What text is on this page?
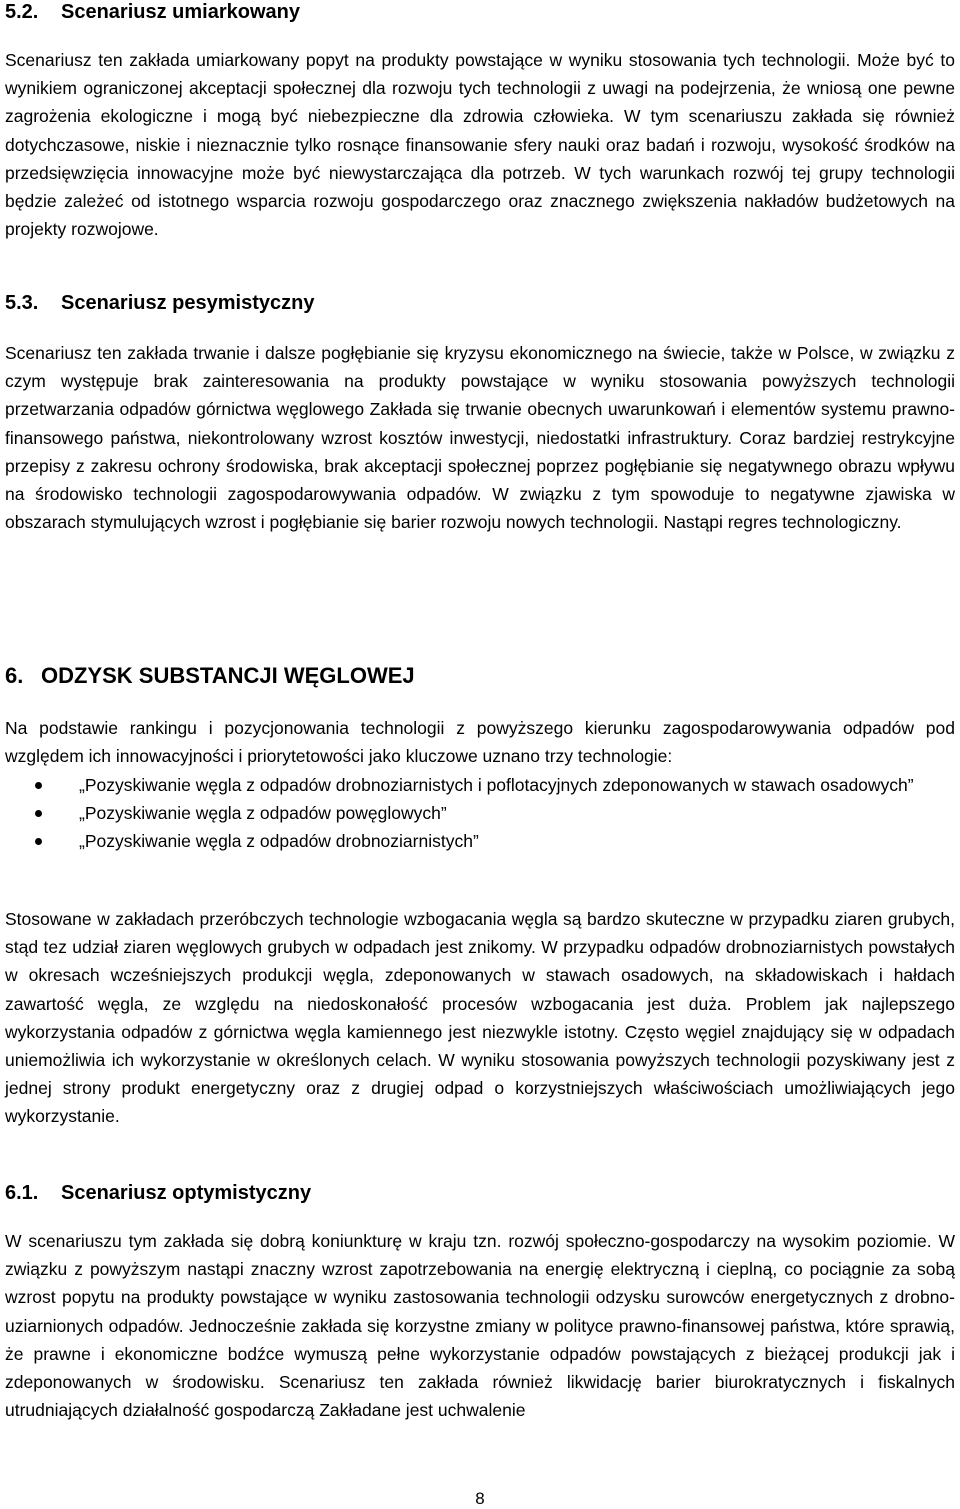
5.2.	Scenariusz umiarkowany

Scenariusz ten zakłada umiarkowany popyt na produkty powstające w wyniku stosowania tych technologii. Może być to wynikiem ograniczonej akceptacji społecznej dla rozwoju tych technologii z uwagi na podejrzenia, że wniosą one pewne zagrożenia ekologiczne i mogą być niebezpieczne dla zdrowia człowieka. W tym scenariuszu zakłada się również dotychczasowe, niskie i nieznacznie tylko rosnące finansowanie sfery nauki oraz badań i rozwoju, wysokość środków na przedsięwzięcia innowacyjne może być niewystarczająca dla potrzeb. W tych warunkach rozwój tej grupy technologii będzie zależeć od istotnego wsparcia rozwoju gospodarczego oraz znacznego zwiększenia nakładów budżetowych na projekty rozwojowe.

5.3.	Scenariusz pesymistyczny

Scenariusz ten zakłada trwanie i dalsze pogłębianie się kryzysu ekonomicznego na świecie, także w Polsce, w związku z czym występuje brak zainteresowania na produkty powstające w wyniku stosowania powyższych technologii przetwarzania odpadów górnictwa węglowego Zakłada się trwanie obecnych uwarunkowań i elementów systemu prawno-finansowego państwa, niekontrolowany wzrost kosztów inwestycji, niedostatki infrastruktury. Coraz bardziej restrykcyjne przepisy z zakresu ochrony środowiska, brak akceptacji społecznej poprzez pogłębianie się negatywnego obrazu wpływu na środowisko technologii zagospodarowywania odpadów. W związku z tym spowoduje to negatywne zjawiska w obszarach stymulujących wzrost i pogłębianie się barier rozwoju nowych technologii. Nastąpi regres technologiczny.

6. ODZYSK SUBSTANCJI WĘGLOWEJ

Na podstawie rankingu i pozycjonowania technologii z powyższego kierunku zagospodarowywania odpadów pod względem ich innowacyjności i priorytetowości jako kluczowe uznano trzy technologie:

„Pozyskiwanie węgla z odpadów drobnoziarnistych i poflotacyjnych zdeponowanych w stawach osadowych”
„Pozyskiwanie węgla z odpadów powęglowych”
„Pozyskiwanie węgla z odpadów drobnoziarnistych”

Stosowane w zakładach przeróbczych technologie wzbogacania węgla są bardzo skuteczne w przypadku ziaren grubych, stąd tez udział ziaren węglowych grubych w odpadach jest znikomy. W przypadku odpadów drobnoziarnistych powstałych w okresach wcześniejszych produkcji węgla, zdeponowanych w stawach osadowych, na składowiskach i hałdach zawartość węgla, ze względu na niedoskonałość procesów wzbogacania jest duża. Problem jak najlepszego wykorzystania odpadów z górnictwa węgla kamiennego jest niezwykle istotny. Często węgiel znajdujący się w odpadach uniemożliwia ich wykorzystanie w określonych celach. W wyniku stosowania powyższych technologii pozyskiwany jest z jednej strony produkt energetyczny oraz z drugiej odpad o korzystniejszych właściwościach umożliwiających jego wykorzystanie.

6.1.	Scenariusz optymistyczny

W scenariuszu tym zakłada się dobrą koniunkturę w kraju tzn. rozwój społeczno-gospodarczy na wysokim poziomie. W związku z powyższym nastąpi znaczny wzrost zapotrzebowania na energię elektryczną i cieplną, co pociągnie za sobą wzrost popytu na produkty powstające w wyniku zastosowania technologii odzysku surowców energetycznych z drobno-uziarnionych odpadów. Jednocześnie zakłada się korzystne zmiany w polityce prawno-finansowej państwa, które sprawią, że prawne i ekonomiczne bodźce wymuszą pełne wykorzystanie odpadów powstających z bieżącej produkcji jak i zdeponowanych w środowisku. Scenariusz ten zakłada również likwidację barier biurokratycznych i fiskalnych utrudniających działalność gospodarczą Zakładane jest uchwalenie

8
